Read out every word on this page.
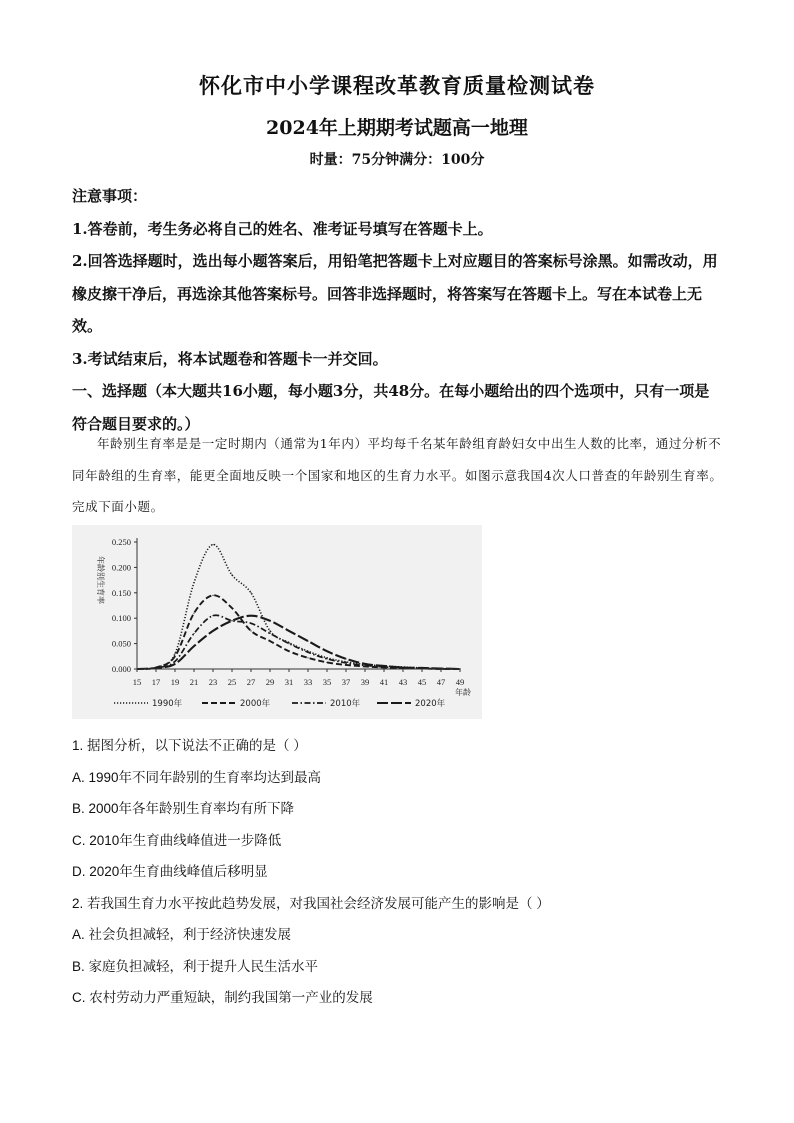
怀化市中小学课程改革教育质量检测试卷
2024年上期期考试题高一地理
时量：75分钟满分：100分

注意事项：

1.答卷前，考生务必将自己的姓名、准考证号填写在答题卡上。

2.回答选择题时，选出每小题答案后，用铅笔把答题卡上对应题目的答案标号涂黑。如需改动，用橡皮擦干净后，再选涂其他答案标号。回答非选择题时，将答案写在答题卡上。写在本试卷上无效。

3.考试结束后，将本试题卷和答题卡一并交回。

一、选择题（本大题共16小题，每小题3分，共48分。在每小题给出的四个选项中，只有一项是符合题目要求的。）

年龄别生育率是是一定时期内（通常为1年内）平均每千名某年龄组育龄妇女中出生人数的比率，通过分析不同年龄组的生育率，能更全面地反映一个国家和地区的生育力水平。如图示意我国4次人口普查的年龄别生育率。完成下面小题。
0.000
0.050
0.100
0.150
0.200
0.250
15 17 19 21 23 25 27 29 31 33 35 37 39 41 43 45 47 49
年龄别生育率
年龄
1990年	2000年	2010年	2020年

1. 据图分析，以下说法不正确的是（ ）

A. 1990年不同年龄别的生育率均达到最高

B. 2000年各年龄别生育率均有所下降

C. 2010年生育曲线峰值进一步降低

D. 2020年生育曲线峰值后移明显

2. 若我国生育力水平按此趋势发展，对我国社会经济发展可能产生的影响是（ ）

A. 社会负担减轻，利于经济快速发展

B. 家庭负担减轻，利于提升人民生活水平

C. 农村劳动力严重短缺，制约我国第一产业的发展
